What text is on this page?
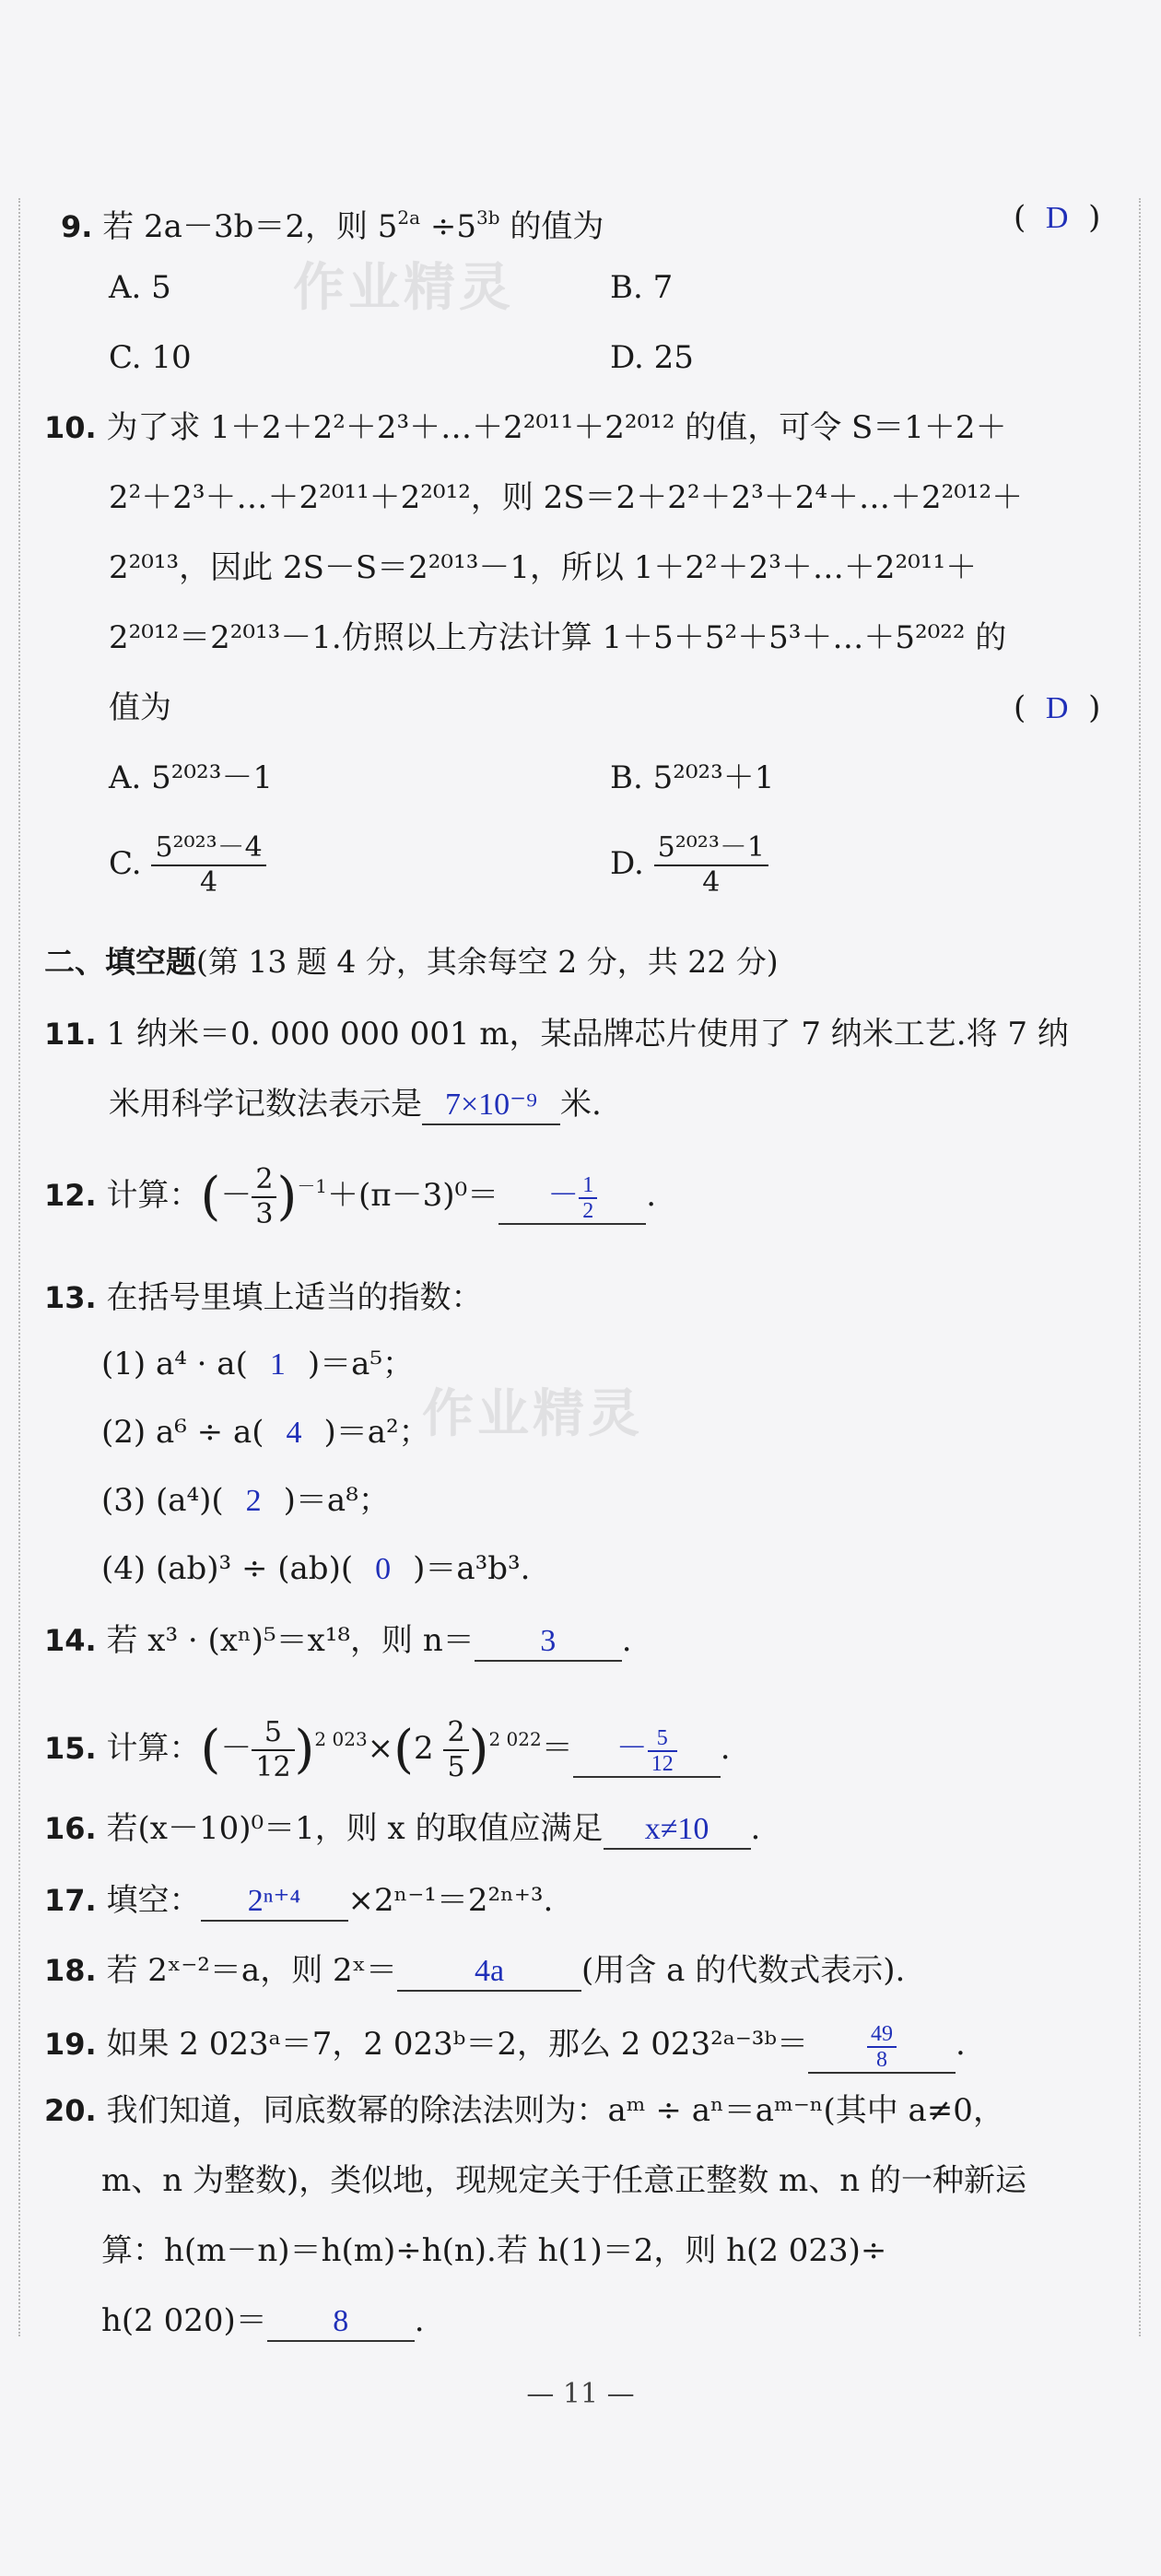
作业精灵
作业精灵
9. 若 2a－3b＝2，则 $5^{2a} \div 5^{3b}$ 的值为	(  D  )
A. 5	B. 7
C. 10	D. 25
10. 为了求 1＋2＋2²＋2³＋…＋2²⁰¹¹＋2²⁰¹² 的值，可令 S＝1＋2＋
2²＋2³＋…＋2²⁰¹¹＋2²⁰¹²，则 2S＝2＋2²＋2³＋2⁴＋…＋2²⁰¹²＋
2²⁰¹³，因此 2S－S＝2²⁰¹³－1，所以 1＋2²＋2³＋…＋2²⁰¹¹＋
2²⁰¹²＝2²⁰¹³－1.仿照以上方法计算 1＋5＋5²＋5³＋…＋5²⁰²² 的
值为	(  D  )
A. 5²⁰²³－1	B. 5²⁰²³＋1
C. $\frac{\text{5²⁰²³－4}}{4}$	D. $\frac{\text{5²⁰²³－1}}{4}$
二、填空题(第 13 题 4 分，其余每空 2 分，共 22 分)
11. 1 纳米＝0. 000 000 001 m，某品牌芯片使用了 7 纳米工艺.将 7 纳
米用科学记数法表示是 7×10⁻⁹ 米.
12. 计算：(－ $\frac{2}{3} )^{-1}+(\pi-3)^0= - \frac{1}{2}$ .
13. 在括号里填上适当的指数：
(1) a⁴ · a( 1 )＝a⁵；
(2) a⁶ ÷ a( 4 )＝a²；
(3) (a⁴)( 2 )＝a⁸；
(4) (ab)³ ÷ (ab)( 0 )＝a³b³.
14. 若 x³ · (xⁿ)⁵＝x¹⁸，则 n＝ 3 .
15. 计算：(－ $\frac{5}{12} )^{2 023}\times(2 \frac{2}{5} )^{2 022}= - \frac{5}{12}$ .
16. 若(x－10)⁰＝1，则 x 的取值应满足 x≠10 .
17. 填空： 2ⁿ⁺⁴ ×2ⁿ⁻¹＝2²ⁿ⁺³.
18. 若 2ˣ⁻²＝a，则 2ˣ＝ 4a (用含 a 的代数式表示).
19. 如果 2 023ᵃ＝7，2 023ᵇ＝2，那么 2 023²ᵃ⁻³ᵇ＝	$\frac{49}{8}$ .
20. 我们知道，同底数幂的除法法则为：aᵐ ÷ aⁿ＝aᵐ⁻ⁿ(其中 a≠0，
m、n 为整数)，类似地，现规定关于任意正整数 m、n 的一种新运
算：h(m－n)＝h(m)÷h(n).若 h(1)＝2，则 h(2 023)÷
h(2 020)＝ 8 .
— 11 —
